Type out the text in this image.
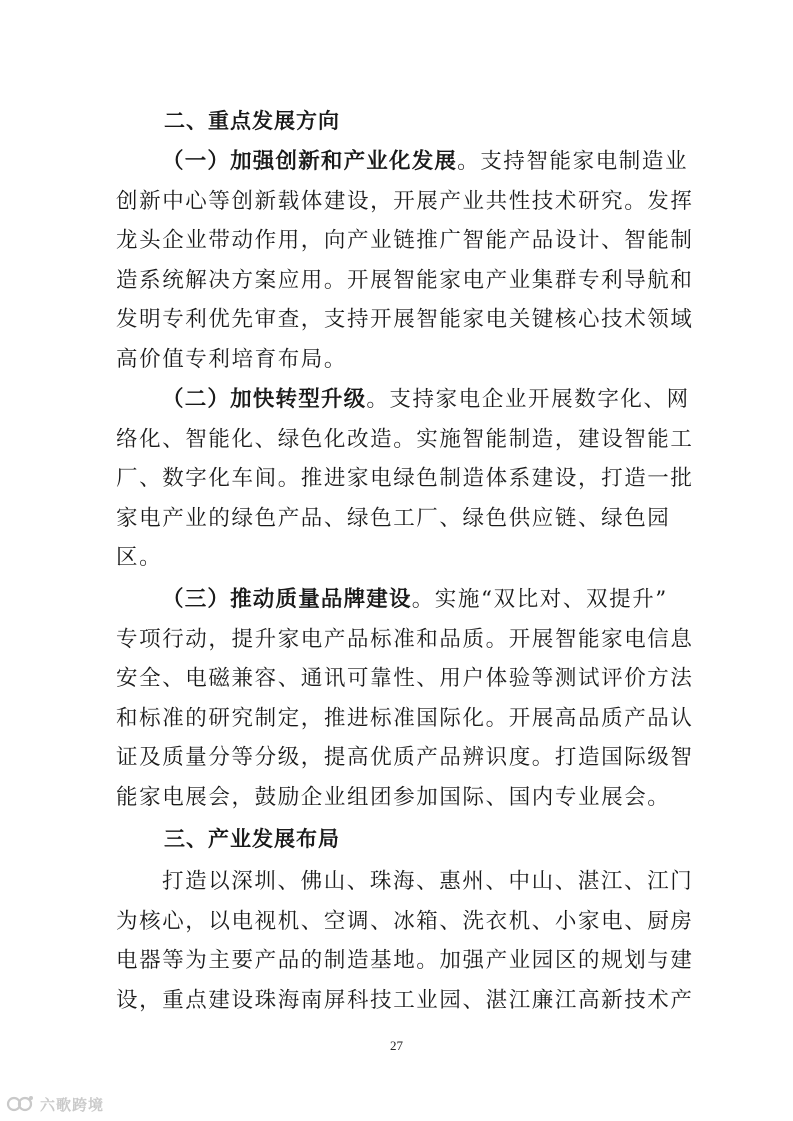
二、重点发展方向
（一）加强创新和产业化发展。支持智能家电制造业
创新中心等创新载体建设，开展产业共性技术研究。发挥
龙头企业带动作用，向产业链推广智能产品设计、智能制
造系统解决方案应用。开展智能家电产业集群专利导航和
发明专利优先审查，支持开展智能家电关键核心技术领域
高价值专利培育布局。
（二）加快转型升级。支持家电企业开展数字化、网
络化、智能化、绿色化改造。实施智能制造，建设智能工
厂、数字化车间。推进家电绿色制造体系建设，打造一批
家电产业的绿色产品、绿色工厂、绿色供应链、绿色园
区。
（三）推动质量品牌建设。实施“双比对、双提升”
专项行动，提升家电产品标准和品质。开展智能家电信息
安全、电磁兼容、通讯可靠性、用户体验等测试评价方法
和标准的研究制定，推进标准国际化。开展高品质产品认
证及质量分等分级，提高优质产品辨识度。打造国际级智
能家电展会，鼓励企业组团参加国际、国内专业展会。
三、产业发展布局
打造以深圳、佛山、珠海、惠州、中山、湛江、江门
为核心，以电视机、空调、冰箱、洗衣机、小家电、厨房
电器等为主要产品的制造基地。加强产业园区的规划与建
设，重点建设珠海南屏科技工业园、湛江廉江高新技术产
27
六歌跨境
